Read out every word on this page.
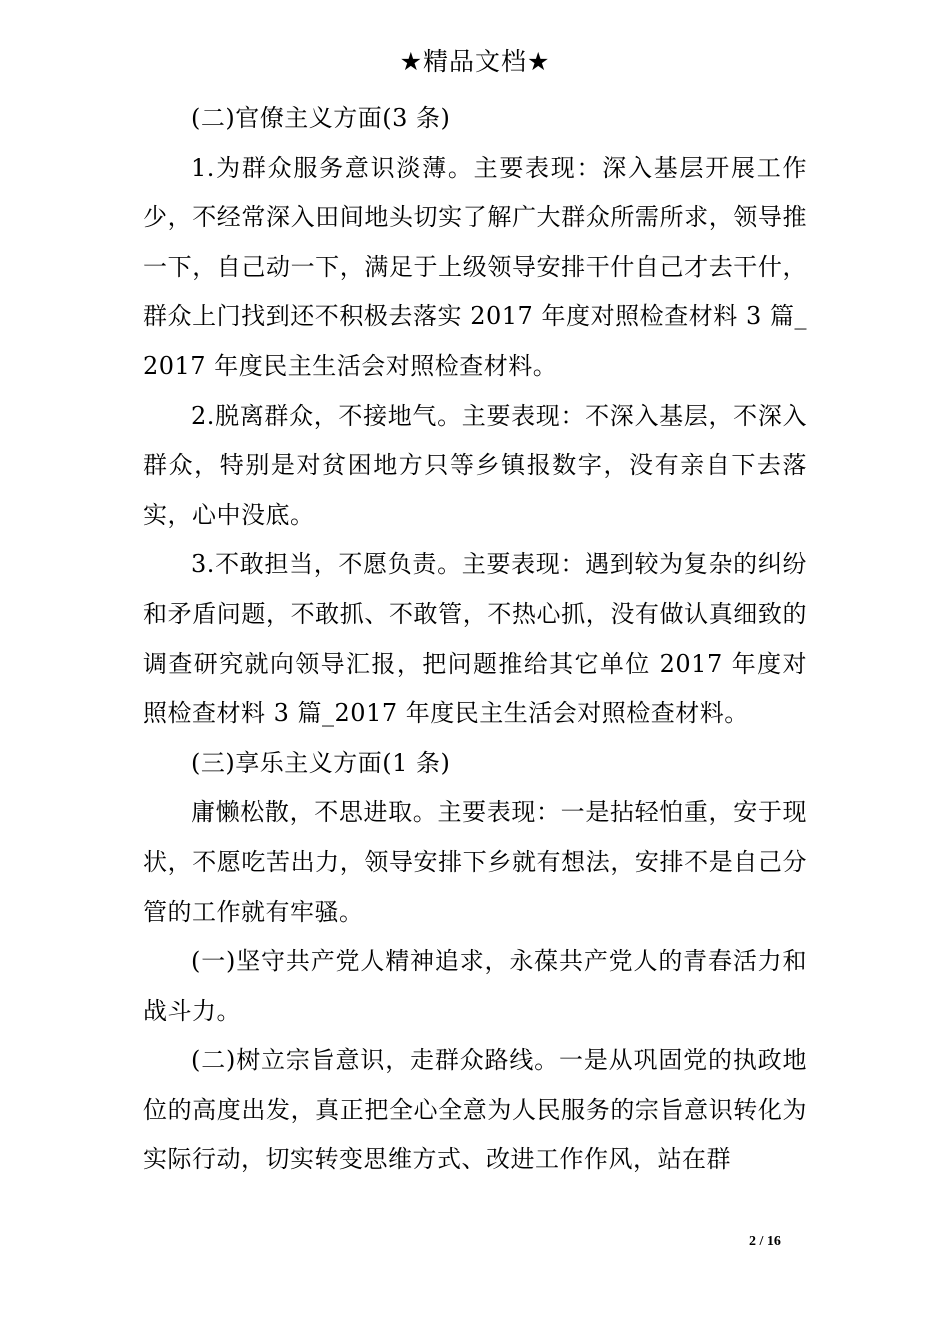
★精品文档★

(二)官僚主义方面(3 条)

1.为群众服务意识淡薄。主要表现：深入基层开展工作少，不经常深入田间地头切实了解广大群众所需所求，领导推一下，自己动一下，满足于上级领导安排干什自己才去干什，群众上门找到还不积极去落实 2017 年度对照检查材料 3 篇_2017 年度民主生活会对照检查材料。

2.脱离群众，不接地气。主要表现：不深入基层，不深入群众，特别是对贫困地方只等乡镇报数字，没有亲自下去落实，心中没底。

3.不敢担当，不愿负责。主要表现：遇到较为复杂的纠纷和矛盾问题，不敢抓、不敢管，不热心抓，没有做认真细致的调查研究就向领导汇报，把问题推给其它单位 2017 年度对照检查材料 3 篇_2017 年度民主生活会对照检查材料。

(三)享乐主义方面(1 条)

庸懒松散，不思进取。主要表现：一是拈轻怕重，安于现状，不愿吃苦出力，领导安排下乡就有想法，安排不是自己分管的工作就有牢骚。

(一)坚守共产党人精神追求，永葆共产党人的青春活力和战斗力。

(二)树立宗旨意识，走群众路线。一是从巩固党的执政地位的高度出发，真正把全心全意为人民服务的宗旨意识转化为实际行动，切实转变思维方式、改进工作作风，站在群

2 / 16
